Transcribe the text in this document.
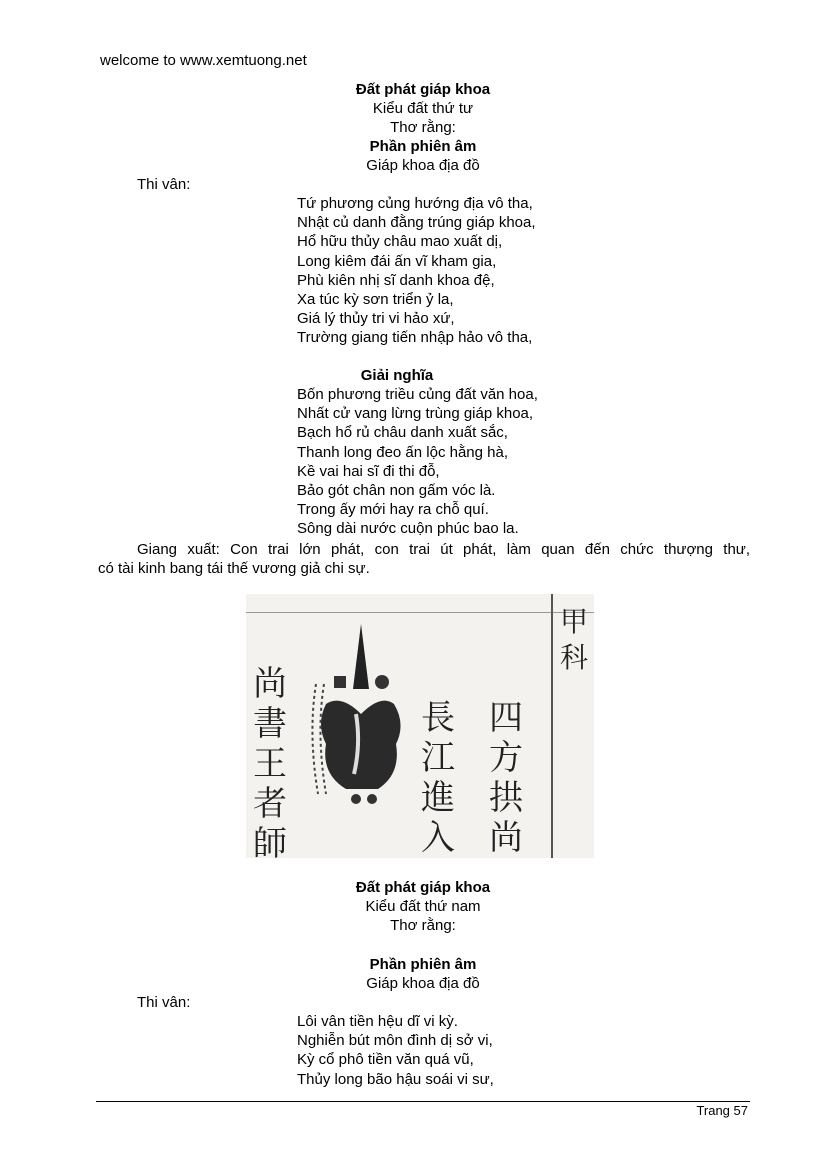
welcome to www.xemtuong.net
Đất phát giáp khoa
Kiểu đất thứ tư
Thơ rằng:
Phần phiên âm
Giáp khoa địa đồ
Thi vân:
Tứ phương củng hướng địa vô tha,
Nhật củ danh đằng trúng giáp khoa,
Hổ hữu thủy châu mao xuất dị,
Long kiêm đái ấn vĩ kham gia,
Phù kiên nhị sĩ danh khoa đệ,
Xa túc kỳ sơn triển ỷ la,
Giá lý thủy tri vi hảo xứ,
Trường giang tiến nhập hảo vô tha,
Giải nghĩa
Bốn phương triều củng đất văn hoa,
Nhất cử vang lừng trùng giáp khoa,
Bạch hổ rủ châu danh xuất sắc,
Thanh long đeo ấn lộc hằng hà,
Kề vai hai sĩ đi thi đỗ,
Bảo gót chân non gấm vóc là.
Trong ấy mới hay ra chỗ quí.
Sông dài nước cuộn phúc bao la.
Giang xuất: Con trai lớn phát, con trai út phát, làm quan đến chức thượng thư,
có tài kinh bang tái thế vương giả chi sự.
尚
書
王
者
師
長
江
進
入
四
方
拱
尚
甲
科
Đất phát giáp khoa
Kiểu đất thứ nam
Thơ rằng:
Phần phiên âm
Giáp khoa địa đồ
Thi vân:
Lôi vân tiền hệu dĩ vi kỳ.
Nghiễn bút môn đình dị sở vi,
Kỳ cổ phô tiền văn quá vũ,
Thủy long bão hậu soái vi sư,
Trang 57
